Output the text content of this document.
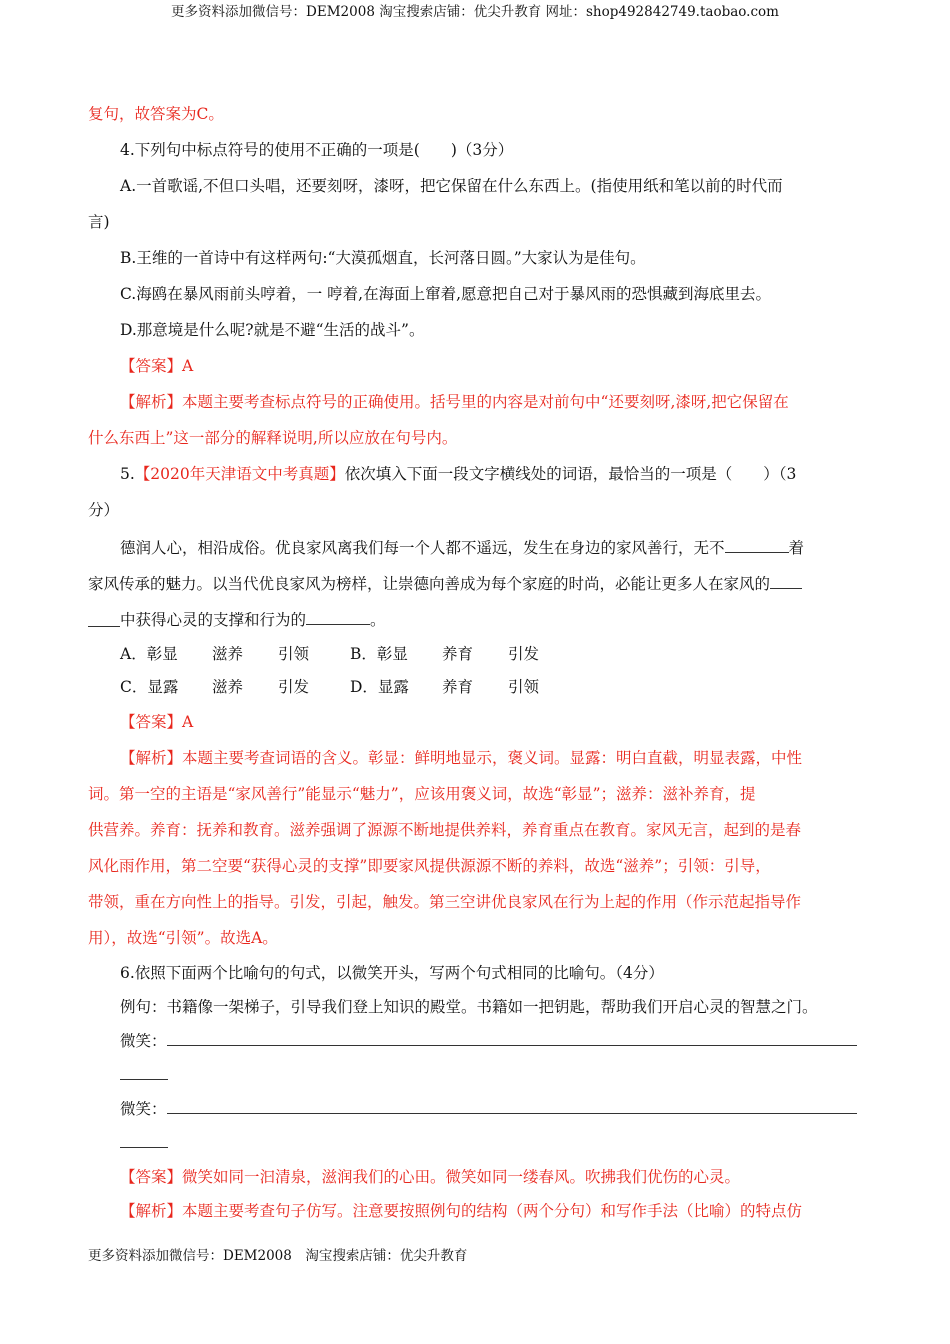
更多资料添加微信号：DEM2008 淘宝搜索店铺：优尖升教育 网址：shop492842749.taobao.com
复句，故答案为C。
4.下列句中标点符号的使用不正确的一项是(　　)（3分）
A.一首歌谣,不但口头唱，还要刻呀，漆呀，把它保留在什么东西上。(指使用纸和笔以前的时代而
言)
B.王维的一首诗中有这样两句:“大漠孤烟直，长河落日圆。”大家认为是佳句。
C.海鸥在暴风雨前头哼着，一 哼着,在海面上窜着,愿意把自己对于暴风雨的恐惧藏到海底里去。
D.那意境是什么呢?就是不避“生活的战斗”。
【答案】A
【解析】本题主要考查标点符号的正确使用。括号里的内容是对前句中“还要刻呀,漆呀,把它保留在
什么东西上”这一部分的解释说明,所以应放在句号内。
5.【2020年天津语文中考真题】依次填入下面一段文字横线处的词语，最恰当的一项是（　　）（3
分）
德润人心，相沿成俗。优良家风离我们每一个人都不遥远，发生在身边的家风善行，无不	着
家风传承的魅力。以当代优良家风为榜样，让崇德向善成为每个家庭的时尚，必能让更多人在家风的
中获得心灵的支撑和行为的	。
A．彰显 滋养 引领	B．彰显 养育 引发
C．显露 滋养 引发	D．显露 养育 引领
【答案】A
【解析】本题主要考查词语的含义。彰显：鲜明地显示，褒义词。显露：明白直截，明显表露，中性
词。第一空的主语是“家风善行”能显示“魅力”，应该用褒义词，故选“彰显”；滋养：滋补养育，提
供营养。养育：抚养和教育。滋养强调了源源不断地提供养料，养育重点在教育。家风无言，起到的是春
风化雨作用，第二空要“获得心灵的支撑”即要家风提供源源不断的养料，故选“滋养”；引领：引导，
带领，重在方向性上的指导。引发，引起，触发。第三空讲优良家风在行为上起的作用（作示范起指导作
用），故选“引领”。故选A。
6.依照下面两个比喻句的句式，以微笑开头，写两个句式相同的比喻句。（4分）
例句：书籍像一架梯子，引导我们登上知识的殿堂。书籍如一把钥匙，帮助我们开启心灵的智慧之门。
微笑：
微笑：
【答案】微笑如同一汩清泉，滋润我们的心田。微笑如同一缕春风。吹拂我们优伤的心灵。
【解析】本题主要考查句子仿写。注意要按照例句的结构（两个分句）和写作手法（比喻）的特点仿
更多资料添加微信号：DEM2008　淘宝搜索店铺：优尖升教育
